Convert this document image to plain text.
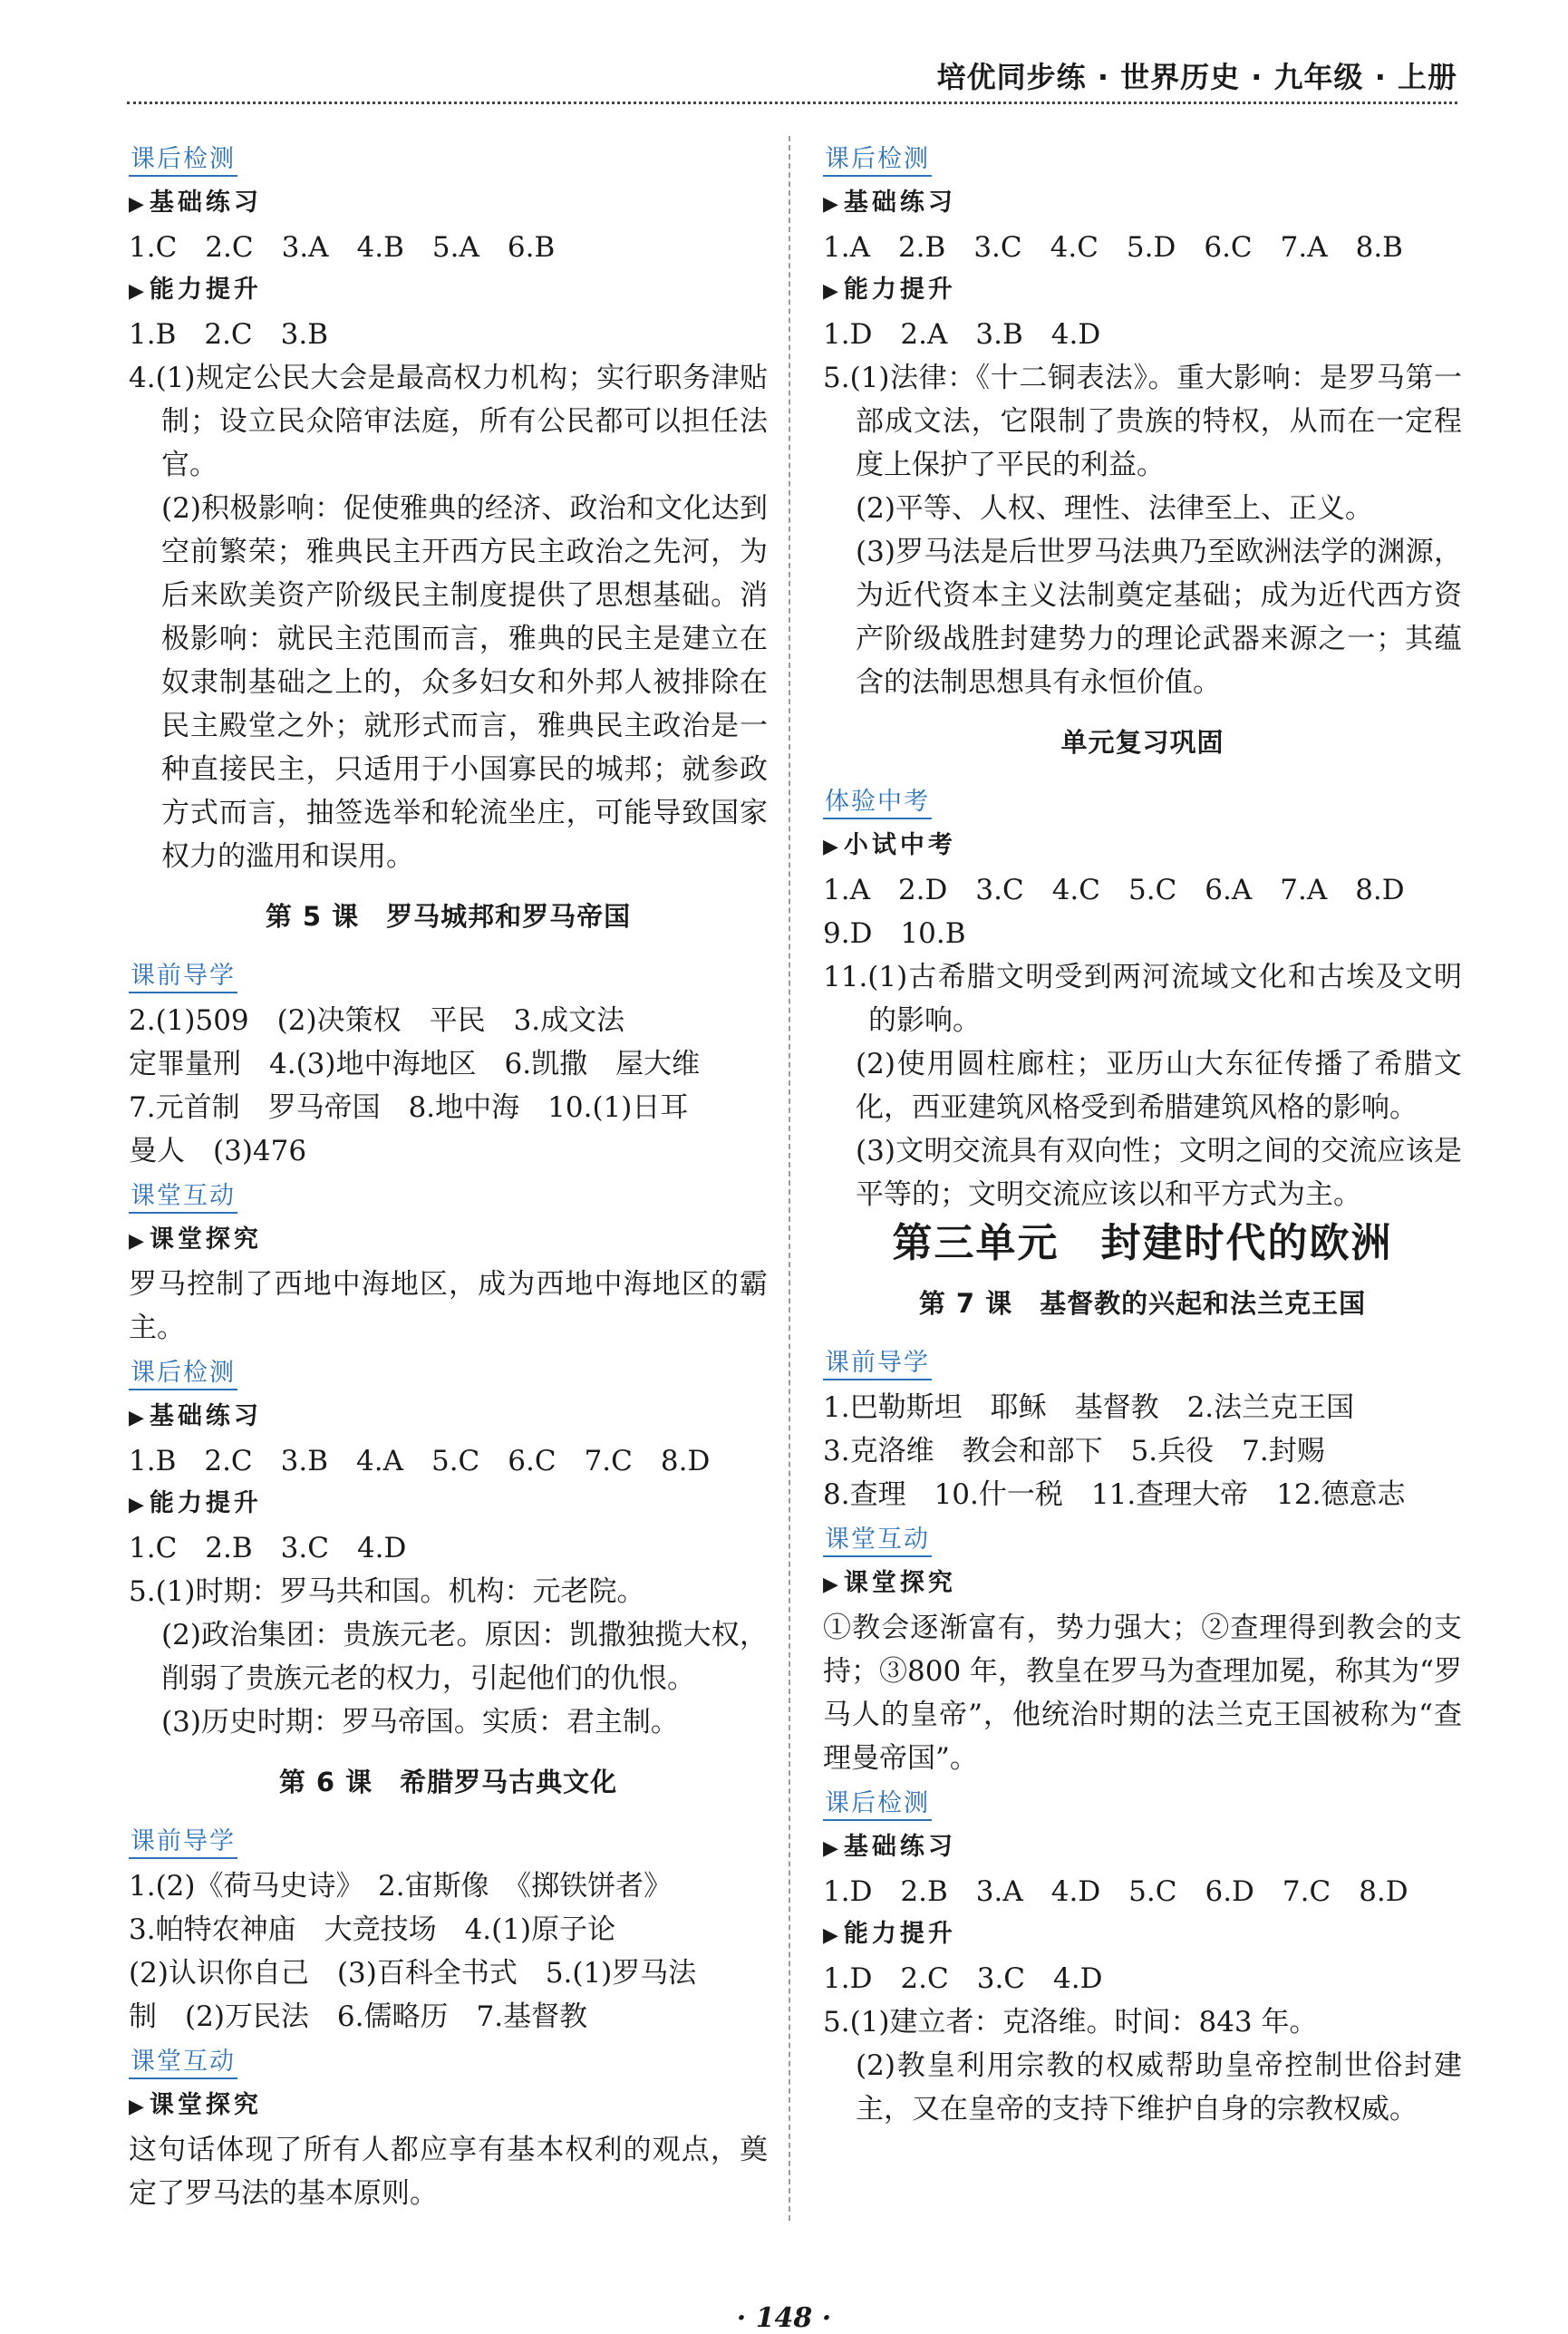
培优同步练 · 世界历史 · 九年级 · 上册
课后检测
▶ 基础练习
1.C　2.C　3.A　4.B　5.A　6.B
▶ 能力提升
1.B　2.C　3.B
4.(1)规定公民大会是最高权力机构；实行职务津贴制；设立民众陪审法庭，所有公民都可以担任法官。
(2)积极影响：促使雅典的经济、政治和文化达到空前繁荣；雅典民主开西方民主政治之先河，为后来欧美资产阶级民主制度提供了思想基础。消极影响：就民主范围而言，雅典的民主是建立在奴隶制基础之上的，众多妇女和外邦人被排除在民主殿堂之外；就形式而言，雅典民主政治是一种直接民主，只适用于小国寡民的城邦；就参政方式而言，抽签选举和轮流坐庄，可能导致国家权力的滥用和误用。
第 5 课　罗马城邦和罗马帝国
课前导学
2.(1)509　(2)决策权　平民　3.成文法
定罪量刑　4.(3)地中海地区　6.凯撒　屋大维
7.元首制　罗马帝国　8.地中海　10.(1)日耳
曼人　(3)476
课堂互动
▶ 课堂探究
罗马控制了西地中海地区，成为西地中海地区的霸主。
课后检测
▶ 基础练习
1.B　2.C　3.B　4.A　5.C　6.C　7.C　8.D
▶ 能力提升
1.C　2.B　3.C　4.D
5.(1)时期：罗马共和国。机构：元老院。
(2)政治集团：贵族元老。原因：凯撒独揽大权，削弱了贵族元老的权力，引起他们的仇恨。
(3)历史时期：罗马帝国。实质：君主制。
第 6 课　希腊罗马古典文化
课前导学
1.(2)《荷马史诗》　2.宙斯像　《掷铁饼者》
3.帕特农神庙　大竞技场　4.(1)原子论
(2)认识你自己　(3)百科全书式　5.(1)罗马法
制　(2)万民法　6.儒略历　7.基督教
课堂互动
▶ 课堂探究
这句话体现了所有人都应享有基本权利的观点，奠定了罗马法的基本原则。
课后检测
▶ 基础练习
1.A　2.B　3.C　4.C　5.D　6.C　7.A　8.B
▶ 能力提升
1.D　2.A　3.B　4.D
5.(1)法律：《十二铜表法》。重大影响：是罗马第一部成文法，它限制了贵族的特权，从而在一定程度上保护了平民的利益。
(2)平等、人权、理性、法律至上、正义。
(3)罗马法是后世罗马法典乃至欧洲法学的渊源，为近代资本主义法制奠定基础；成为近代西方资产阶级战胜封建势力的理论武器来源之一；其蕴含的法制思想具有永恒价值。
单元复习巩固
体验中考
▶ 小试中考
1.A　2.D　3.C　4.C　5.C　6.A　7.A　8.D
9.D　10.B
11.(1)古希腊文明受到两河流域文化和古埃及文明的影响。
(2)使用圆柱廊柱；亚历山大东征传播了希腊文化，西亚建筑风格受到希腊建筑风格的影响。
(3)文明交流具有双向性；文明之间的交流应该是平等的；文明交流应该以和平方式为主。
第三单元　封建时代的欧洲
第 7 课　基督教的兴起和法兰克王国
课前导学
1.巴勒斯坦　耶稣　基督教　2.法兰克王国
3.克洛维　教会和部下　5.兵役　7.封赐
8.查理　10.什一税　11.查理大帝　12.德意志
课堂互动
▶ 课堂探究
①教会逐渐富有，势力强大；②查理得到教会的支持；③800 年，教皇在罗马为查理加冕，称其为“罗马人的皇帝”，他统治时期的法兰克王国被称为“查理曼帝国”。
课后检测
▶ 基础练习
1.D　2.B　3.A　4.D　5.C　6.D　7.C　8.D
▶ 能力提升
1.D　2.C　3.C　4.D
5.(1)建立者：克洛维。时间：843 年。
(2)教皇利用宗教的权威帮助皇帝控制世俗封建主，又在皇帝的支持下维护自身的宗教权威。
· 148 ·
